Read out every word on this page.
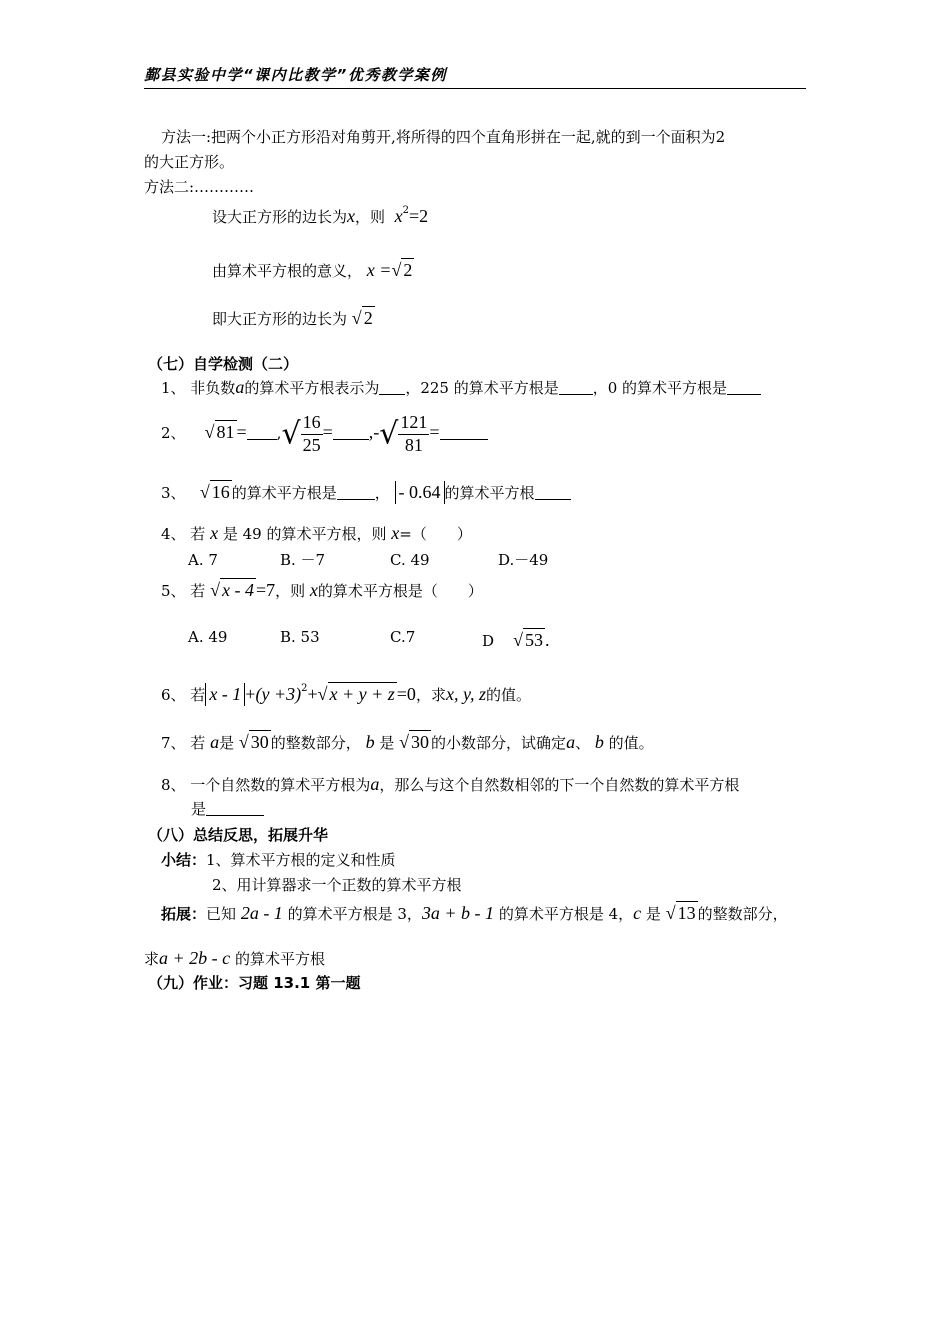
鄞县实验中学“课内比教学”优秀教学案例
方法一:把两个小正方形沿对角剪开,将所得的四个直角形拼在一起,就的到一个面积为2
的大正方形。
方法二:…………
设大正方形的边长为x，则 $x^2=2$
由算术平方根的意义， x =√ 2
即大正方形的边长为 √ 2
（七）自学检测（二）
1、 非负数a的算术平方根表示为 ，225 的算术平方根是 ，0 的算术平方根是
2、 √ 81 = ,√ $\frac{16}{25}$ = ,-√ $\frac{121}{81}$ =
3、 √ 16 的算术平方根是	， - 0.64 的算术平方根
4、 若 x 是 49 的算术平方根，则 x=（　　）
A. 7	B. －7	C. 49	D.－49
5、 若 √ x - 4 =7，则 x的算术平方根是（　　）
A. 49	B. 53	C.7	D √ 53 .
6、 若 $x - 1 +(y +3)^2+√$ x + y + z =0，求x, y, z的值。
7、 若 a是 √ 30 的整数部分， b 是 √ 30 的小数部分，试确定a、 b 的值。
8、 一个自然数的算术平方根为a，那么与这个自然数相邻的下一个自然数的算术平方根
是
（八）总结反思，拓展升华
小结：1、算术平方根的定义和性质
2、用计算器求一个正数的算术平方根
拓展：已知 2a - 1 的算术平方根是 3，3a + b - 1 的算术平方根是 4，c 是 √ 13 的整数部分，
求a + 2b - c 的算术平方根
（九）作业：习题 13.1 第一题
